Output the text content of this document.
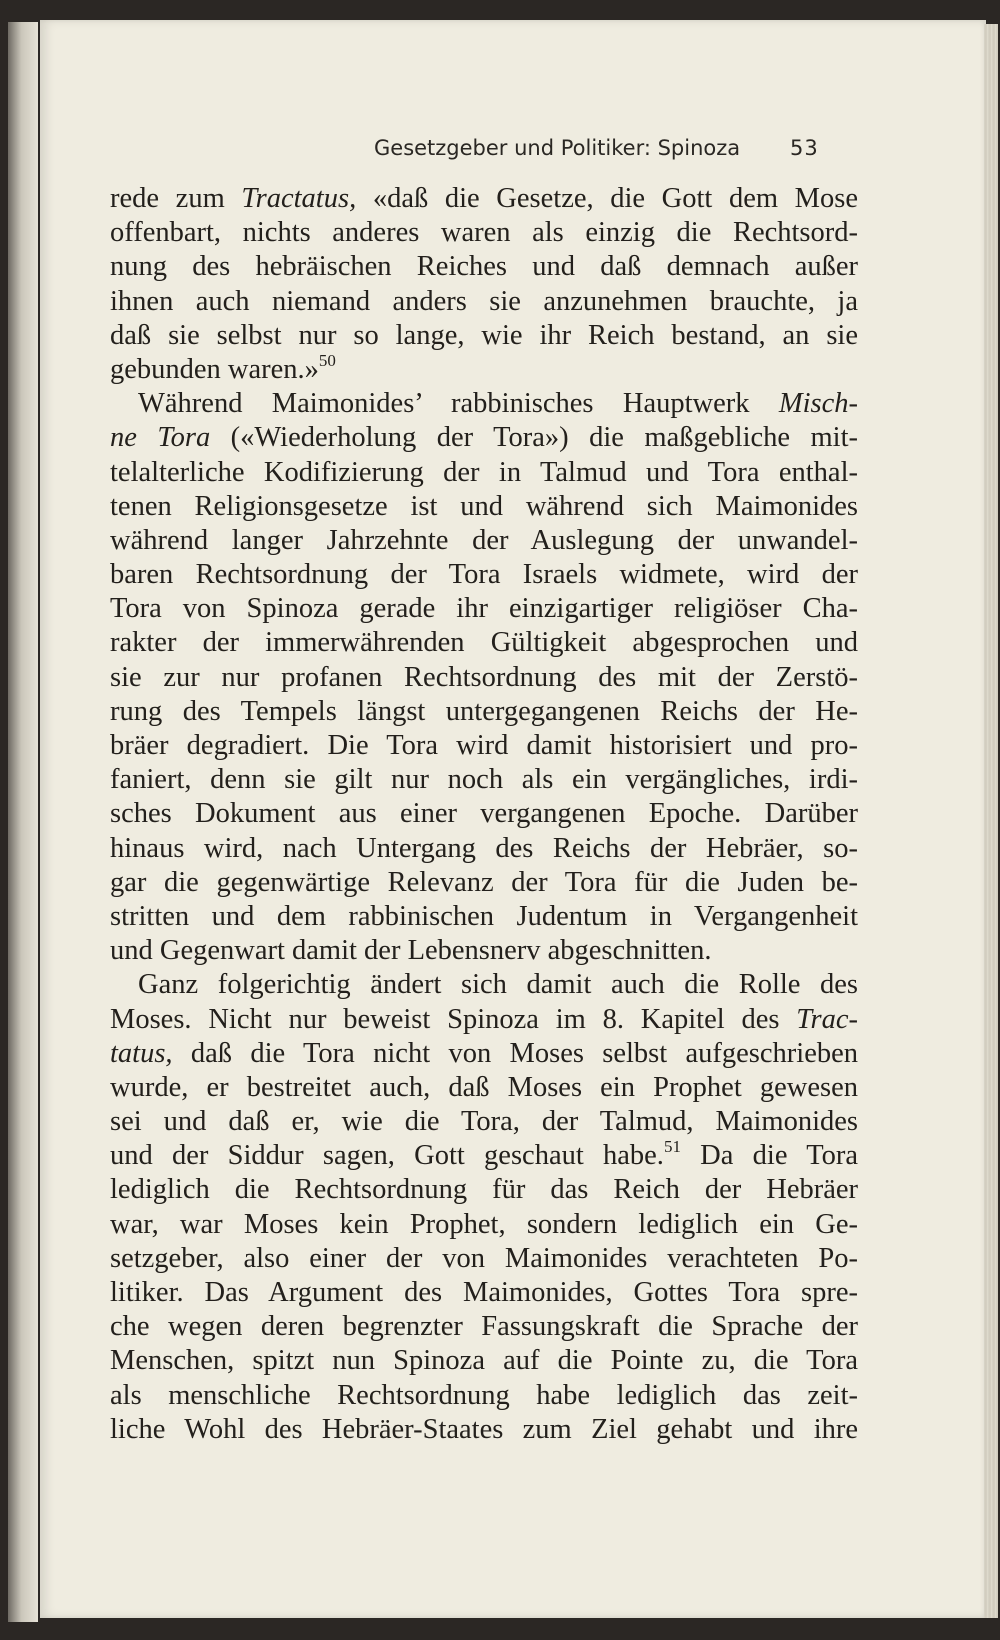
Gesetzgeber und Politiker: Spinoza 53
rede zum Tractatus, «daß die Gesetze, die Gott dem Mose
offenbart, nichts anderes waren als einzig die Rechtsord-
nung des hebräischen Reiches und daß demnach außer
ihnen auch niemand anders sie anzunehmen brauchte, ja
daß sie selbst nur so lange, wie ihr Reich bestand, an sie
gebunden waren.»$^{50}$
Während Maimonides’ rabbinisches Hauptwerk Misch-
ne Tora («Wiederholung der Tora») die maßgebliche mit-
telalterliche Kodifizierung der in Talmud und Tora enthal-
tenen Religionsgesetze ist und während sich Maimonides
während langer Jahrzehnte der Auslegung der unwandel-
baren Rechtsordnung der Tora Israels widmete, wird der
Tora von Spinoza gerade ihr einzigartiger religiöser Cha-
rakter der immerwährenden Gültigkeit abgesprochen und
sie zur nur profanen Rechtsordnung des mit der Zerstö-
rung des Tempels längst untergegangenen Reichs der He-
bräer degradiert. Die Tora wird damit historisiert und pro-
faniert, denn sie gilt nur noch als ein vergängliches, irdi-
sches Dokument aus einer vergangenen Epoche. Darüber
hinaus wird, nach Untergang des Reichs der Hebräer, so-
gar die gegenwärtige Relevanz der Tora für die Juden be-
stritten und dem rabbinischen Judentum in Vergangenheit
und Gegenwart damit der Lebensnerv abgeschnitten.
Ganz folgerichtig ändert sich damit auch die Rolle des
Moses. Nicht nur beweist Spinoza im 8. Kapitel des Trac-
tatus, daß die Tora nicht von Moses selbst aufgeschrieben
wurde, er bestreitet auch, daß Moses ein Prophet gewesen
sei und daß er, wie die Tora, der Talmud, Maimonides
und der Siddur sagen, Gott geschaut habe.$^{51}$ Da die Tora
lediglich die Rechtsordnung für das Reich der Hebräer
war, war Moses kein Prophet, sondern lediglich ein Ge-
setzgeber, also einer der von Maimonides verachteten Po-
litiker. Das Argument des Maimonides, Gottes Tora spre-
che wegen deren begrenzter Fassungskraft die Sprache der
Menschen, spitzt nun Spinoza auf die Pointe zu, die Tora
als menschliche Rechtsordnung habe lediglich das zeit-
liche Wohl des Hebräer-Staates zum Ziel gehabt und ihre
